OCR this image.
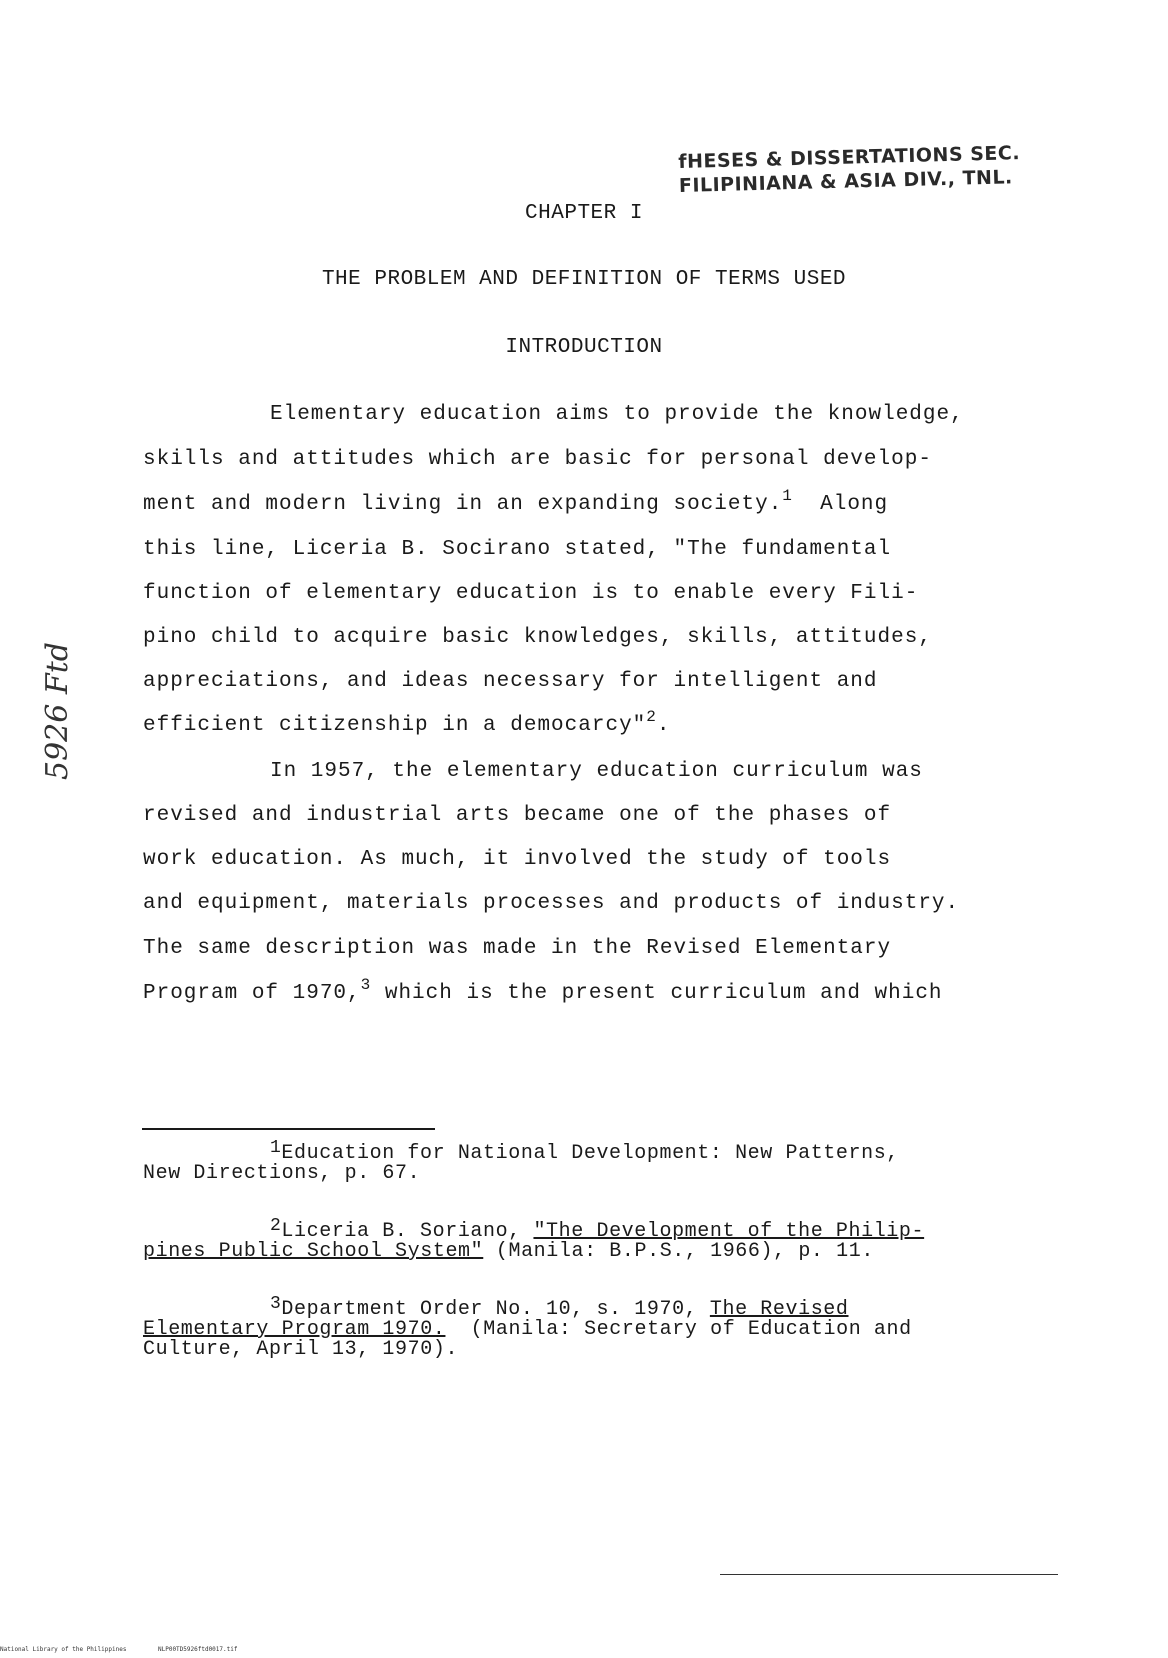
fHESES & DISSERTATIONS SEC.
FILIPINIANA & ASIA DIV., TNL.
CHAPTER I
THE PROBLEM AND DEFINITION OF TERMS USED
INTRODUCTION
Elementary education aims to provide the knowledge,
skills and attitudes which are basic for personal develop-
ment and modern living in an expanding society.$^1$  Along
this line, Liceria B. Socirano stated, "The fundamental
function of elementary education is to enable every Fili-
pino child to acquire basic knowledges, skills, attitudes,
appreciations, and ideas necessary for intelligent and
efficient citizenship in a democarcy"$^2$.
In 1957, the elementary education curriculum was
revised and industrial arts became one of the phases of
work education. As much, it involved the study of tools
and equipment, materials processes and products of industry.
The same description was made in the Revised Elementary
Program of 1970,$^3$ which is the present curriculum and which
$^1$Education for National Development: New Patterns,
New Directions, p. 67.
$^2$Liceria B. Soriano, "The Development of the Philip-
pines Public School System" (Manila: B.P.S., 1966), p. 11.
$^3$Department Order No. 10, s. 1970, The Revised
Elementary Program 1970.  (Manila: Secretary of Education and
Culture, April 13, 1970).
5926 Ftd
National Library of the Philippines	NLP00TD5926ftd0017.tif
